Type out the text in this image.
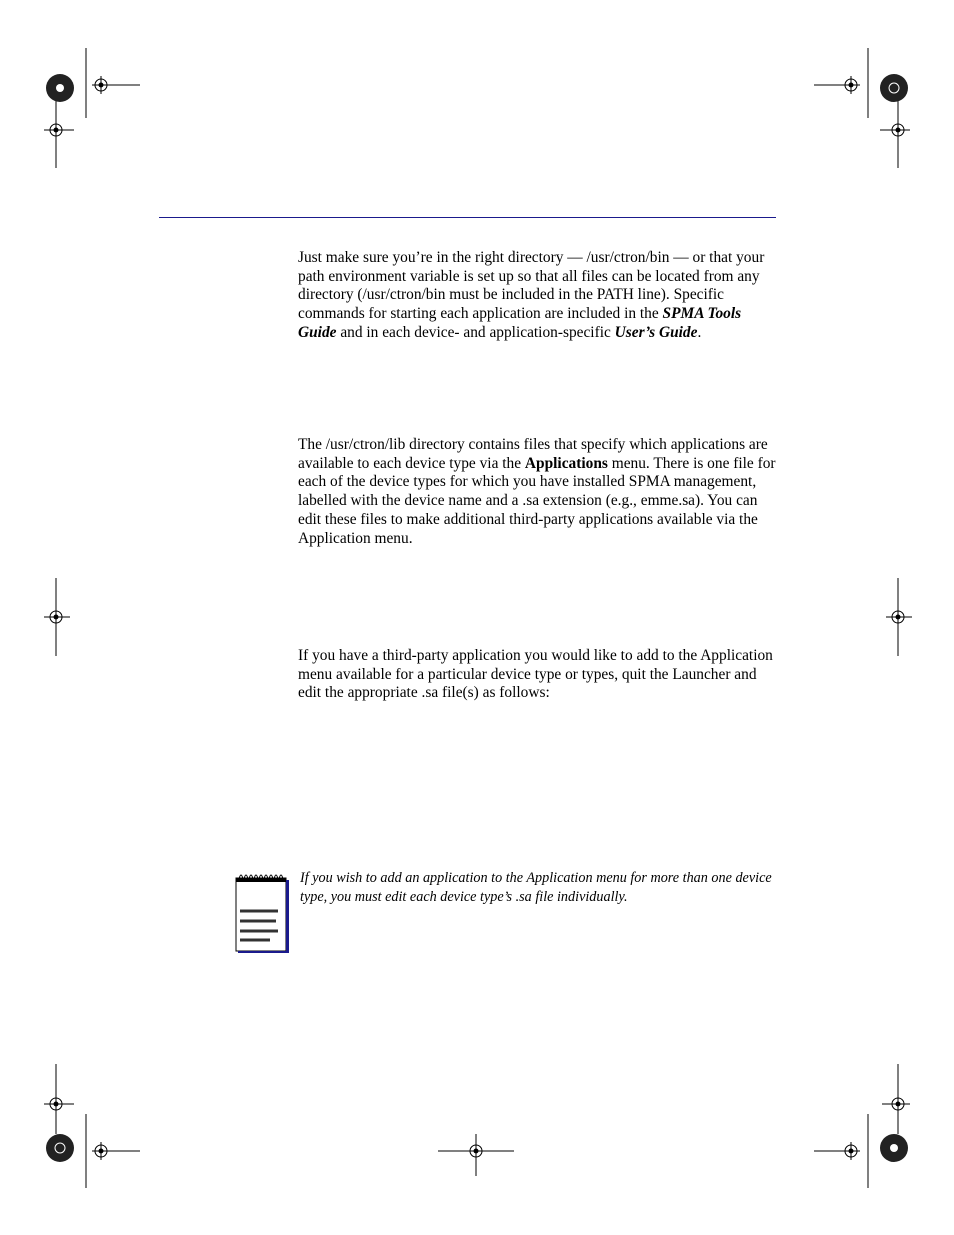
Just make sure you’re in the right directory — /usr/ctron/bin — or that your path environment variable is set up so that all files can be located from any directory (/usr/ctron/bin must be included in the PATH line). Specific commands for starting each application are included in the SPMA Tools Guide and in each device- and application-specific User’s Guide.

The /usr/ctron/lib directory contains files that specify which applications are available to each device type via the Applications menu. There is one file for each of the device types for which you have installed SPMA management, labelled with the device name and a .sa extension (e.g., emme.sa). You can edit these files to make additional third-party applications available via the Application menu.

If you have a third-party application you would like to add to the Application menu available for a particular device type or types, quit the Launcher and edit the appropriate .sa file(s) as follows:

If you wish to add an application to the Application menu for more than one device type, you must edit each device type’s .sa file individually.
